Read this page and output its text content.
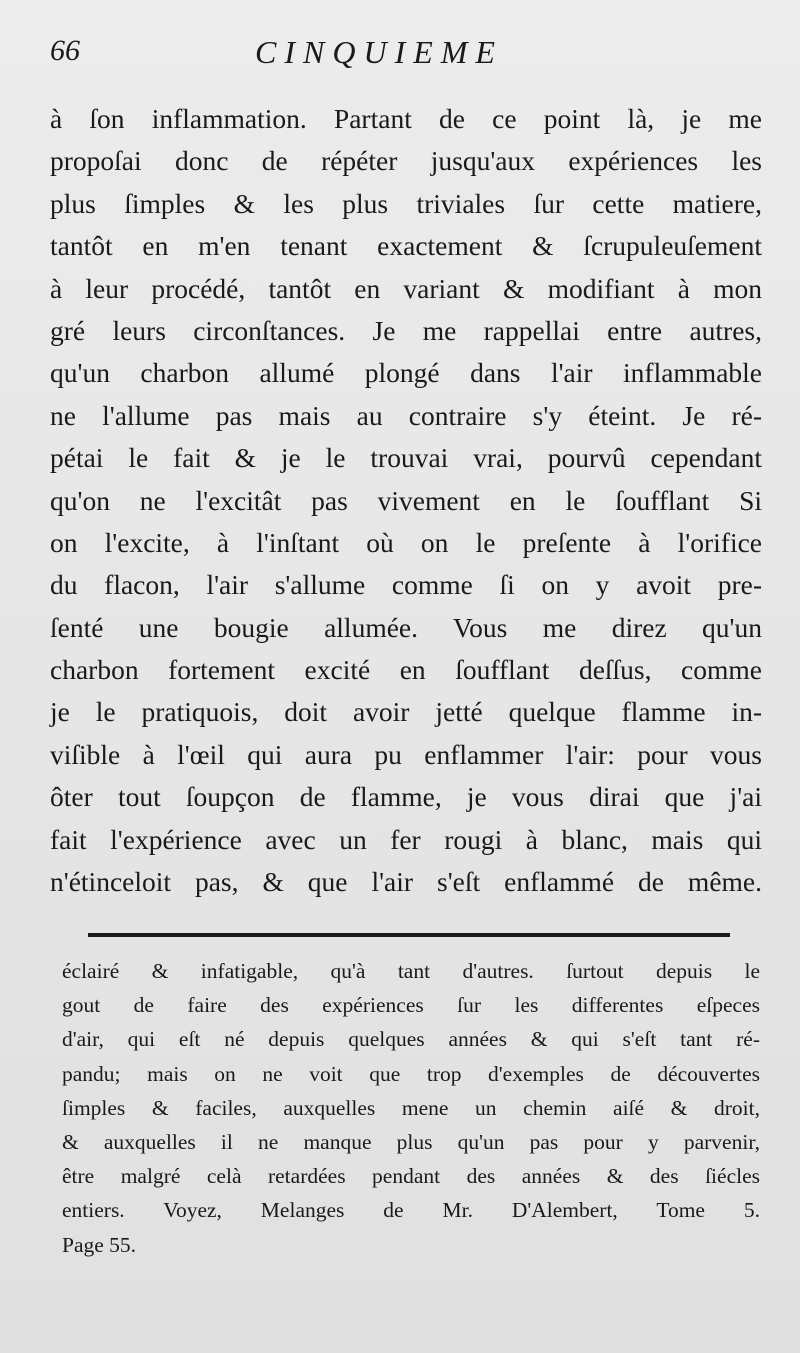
66	CINQUIEME
à ſon inflammation. Partant de ce point là, je me
propoſai donc de répéter jusqu'aux expériences les
plus ſimples & les plus triviales ſur cette matiere,
tantôt en m'en tenant exactement & ſcrupuleuſement
à leur procédé, tantôt en variant & modifiant à mon
gré leurs circonſtances. Je me rappellai entre autres,
qu'un charbon allumé plongé dans l'air inflammable
ne l'allume pas mais au contraire s'y éteint. Je ré-
pétai le fait & je le trouvai vrai, pourvû cependant
qu'on ne l'excitât pas vivement en le ſoufflant Si
on l'excite, à l'inſtant où on le preſente à l'orifice
du flacon, l'air s'allume comme ſi on y avoit pre-
ſenté une bougie allumée. Vous me direz qu'un
charbon fortement excité en ſoufflant deſſus, comme
je le pratiquois, doit avoir jetté quelque flamme in-
viſible à l'œil qui aura pu enflammer l'air: pour vous
ôter tout ſoupçon de flamme, je vous dirai que j'ai
fait l'expérience avec un fer rougi à blanc, mais qui
n'étinceloit pas, & que l'air s'eſt enflammé de même.
éclairé & infatigable, qu'à tant d'autres. ſurtout depuis le
gout de faire des expériences ſur les differentes eſpeces
d'air, qui eſt né depuis quelques années & qui s'eſt tant ré-
pandu; mais on ne voit que trop d'exemples de découvertes
ſimples & faciles, auxquelles mene un chemin aiſé & droit,
& auxquelles il ne manque plus qu'un pas pour y parvenir,
être malgré celà retardées pendant des années & des ſiécles
entiers. Voyez, Melanges de Mr. D'Alembert, Tome 5.
Page 55.
